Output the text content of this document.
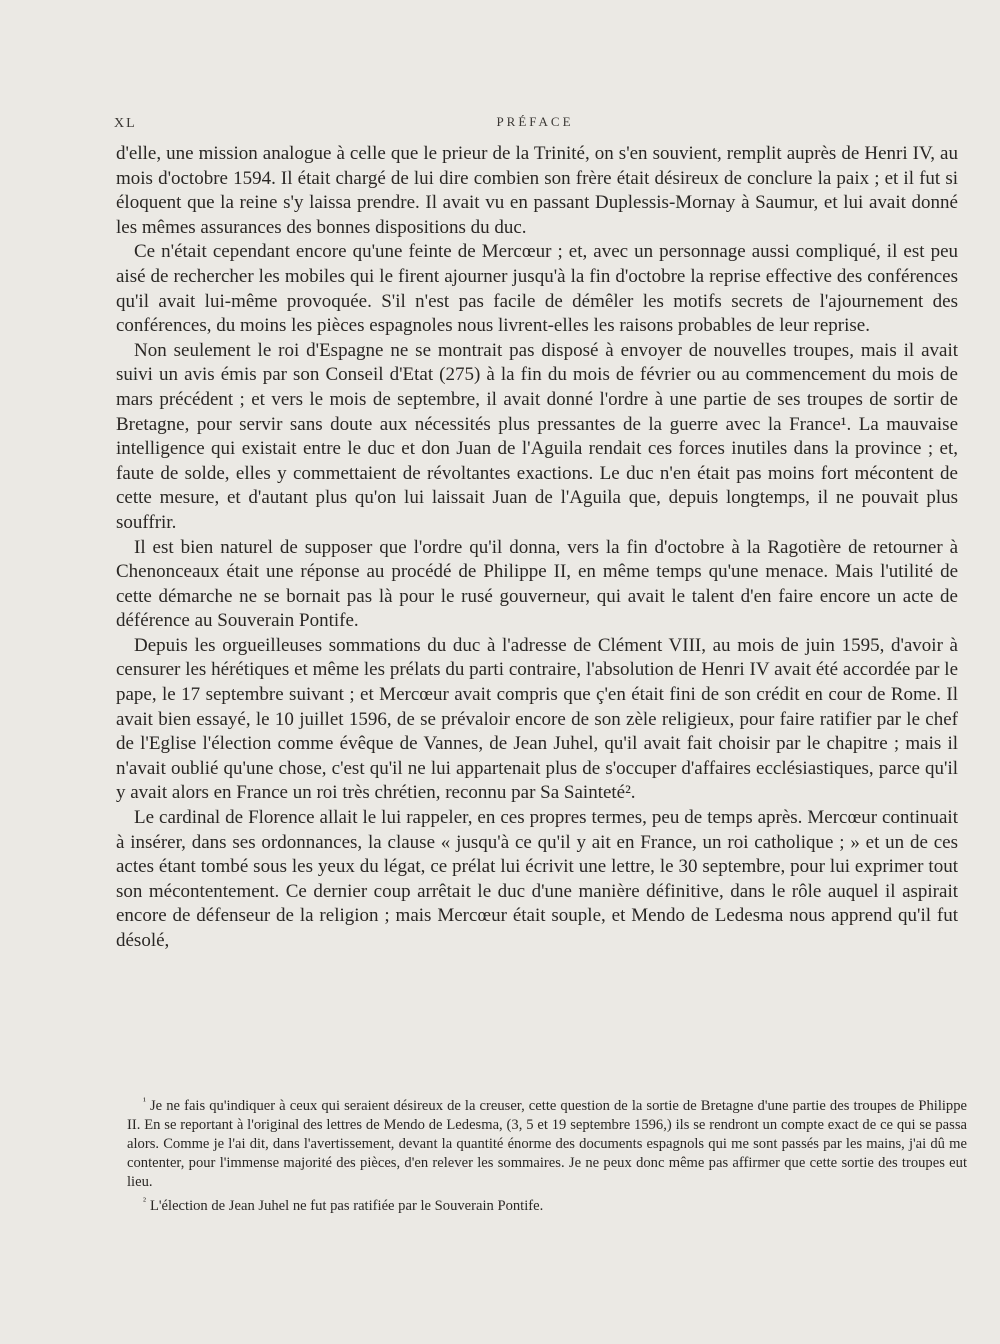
XL	PRÉFACE

d'elle, une mission analogue à celle que le prieur de la Trinité, on s'en souvient, remplit auprès de Henri IV, au mois d'octobre 1594. Il était chargé de lui dire combien son frère était désireux de conclure la paix ; et il fut si éloquent que la reine s'y laissa prendre. Il avait vu en passant Duplessis-Mornay à Saumur, et lui avait donné les mêmes assurances des bonnes dispositions du duc.

Ce n'était cependant encore qu'une feinte de Mercœur ; et, avec un personnage aussi compliqué, il est peu aisé de rechercher les mobiles qui le firent ajourner jusqu'à la fin d'octobre la reprise effective des conférences qu'il avait lui-même provoquée. S'il n'est pas facile de démêler les motifs secrets de l'ajournement des conférences, du moins les pièces espagnoles nous livrent-elles les raisons probables de leur reprise.

Non seulement le roi d'Espagne ne se montrait pas disposé à envoyer de nouvelles troupes, mais il avait suivi un avis émis par son Conseil d'Etat (275) à la fin du mois de février ou au commencement du mois de mars précédent ; et vers le mois de septembre, il avait donné l'ordre à une partie de ses troupes de sortir de Bretagne, pour servir sans doute aux nécessités plus pressantes de la guerre avec la France¹. La mauvaise intelligence qui existait entre le duc et don Juan de l'Aguila rendait ces forces inutiles dans la province ; et, faute de solde, elles y commettaient de révoltantes exactions. Le duc n'en était pas moins fort mécontent de cette mesure, et d'autant plus qu'on lui laissait Juan de l'Aguila que, depuis longtemps, il ne pouvait plus souffrir.

Il est bien naturel de supposer que l'ordre qu'il donna, vers la fin d'octobre à la Ragotière de retourner à Chenonceaux était une réponse au procédé de Philippe II, en même temps qu'une menace. Mais l'utilité de cette démarche ne se bornait pas là pour le rusé gouverneur, qui avait le talent d'en faire encore un acte de déférence au Souverain Pontife.

Depuis les orgueilleuses sommations du duc à l'adresse de Clément VIII, au mois de juin 1595, d'avoir à censurer les hérétiques et même les prélats du parti contraire, l'absolution de Henri IV avait été accordée par le pape, le 17 septembre suivant ; et Mercœur avait compris que ç'en était fini de son crédit en cour de Rome. Il avait bien essayé, le 10 juillet 1596, de se prévaloir encore de son zèle religieux, pour faire ratifier par le chef de l'Eglise l'élection comme évêque de Vannes, de Jean Juhel, qu'il avait fait choisir par le chapitre ; mais il n'avait oublié qu'une chose, c'est qu'il ne lui appartenait plus de s'occuper d'affaires ecclésiastiques, parce qu'il y avait alors en France un roi très chrétien, reconnu par Sa Sainteté².

Le cardinal de Florence allait le lui rappeler, en ces propres termes, peu de temps après. Mercœur continuait à insérer, dans ses ordonnances, la clause « jusqu'à ce qu'il y ait en France, un roi catholique ; » et un de ces actes étant tombé sous les yeux du légat, ce prélat lui écrivit une lettre, le 30 septembre, pour lui exprimer tout son mécontentement. Ce dernier coup arrêtait le duc d'une manière définitive, dans le rôle auquel il aspirait encore de défenseur de la religion ; mais Mercœur était souple, et Mendo de Ledesma nous apprend qu'il fut désolé,

$^{^1}$ Je ne fais qu'indiquer à ceux qui seraient désireux de la creuser, cette question de la sortie de Bretagne d'une partie des troupes de Philippe II. En se reportant à l'original des lettres de Mendo de Ledesma, (3, 5 et 19 septembre 1596,) ils se rendront un compte exact de ce qui se passa alors. Comme je l'ai dit, dans l'avertissement, devant la quantité énorme des documents espagnols qui me sont passés par les mains, j'ai dû me contenter, pour l'immense majorité des pièces, d'en relever les sommaires. Je ne peux donc même pas affirmer que cette sortie des troupes eut lieu.

$^{^2}$ L'élection de Jean Juhel ne fut pas ratifiée par le Souverain Pontife.
